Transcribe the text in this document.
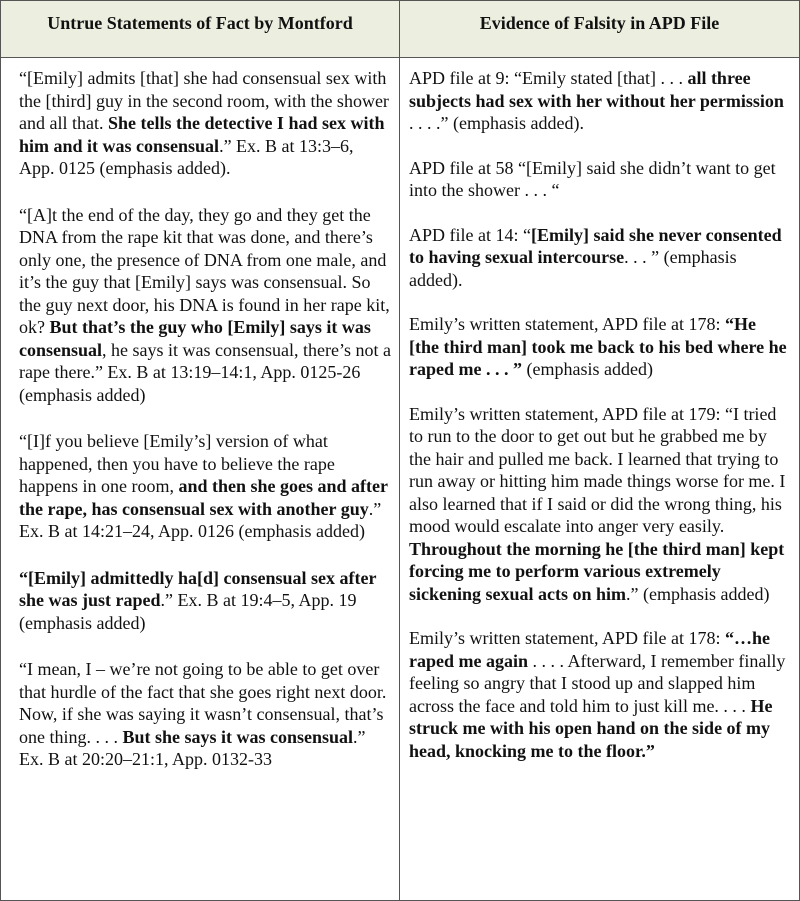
Untrue Statements of Fact by Montford	Evidence of Falsity in APD File

“[Emily] admits [that] she had consensual sex with the [third] guy in the second room, with the shower and all that. She tells the detective I had sex with him and it was consensual.” Ex. B at 13:3–6, App. 0125 (emphasis added).

“[A]t the end of the day, they go and they get the DNA from the rape kit that was done, and there’s only one, the presence of DNA from one male, and it’s the guy that [Emily] says was consensual. So the guy next door, his DNA is found in her rape kit, ok? But that’s the guy who [Emily] says it was consensual, he says it was consensual, there’s not a rape there.” Ex. B at 13:19–14:1, App. 0125-26 (emphasis added)

“[I]f you believe [Emily’s] version of what happened, then you have to believe the rape happens in one room, and then she goes and after the rape, has consensual sex with another guy.” Ex. B at 14:21–24, App. 0126 (emphasis added)

“[Emily] admittedly ha[d] consensual sex after she was just raped.” Ex. B at 19:4–5, App. 19 (emphasis added)

“I mean, I – we’re not going to be able to get over that hurdle of the fact that she goes right next door. Now, if she was saying it wasn’t consensual, that’s one thing. . . . But she says it was consensual.” Ex. B at 20:20–21:1, App. 0132-33

APD file at 9: “Emily stated [that] . . . all three subjects had sex with her without her permission . . . .” (emphasis added).

APD file at 58 “[Emily] said she didn’t want to get into the shower . . . “

APD file at 14: “[Emily] said she never consented to having sexual intercourse. . . ” (emphasis added).

Emily’s written statement, APD file at 178: “He [the third man] took me back to his bed where he raped me . . . ” (emphasis added)

Emily’s written statement, APD file at 179: “I tried to run to the door to get out but he grabbed me by the hair and pulled me back. I learned that trying to run away or hitting him made things worse for me. I also learned that if I said or did the wrong thing, his mood would escalate into anger very easily. Throughout the morning he [the third man] kept forcing me to perform various extremely sickening sexual acts on him.” (emphasis added)

Emily’s written statement, APD file at 178: “…he raped me again . . . . Afterward, I remember finally feeling so angry that I stood up and slapped him across the face and told him to just kill me. . . . He struck me with his open hand on the side of my head, knocking me to the floor.”
